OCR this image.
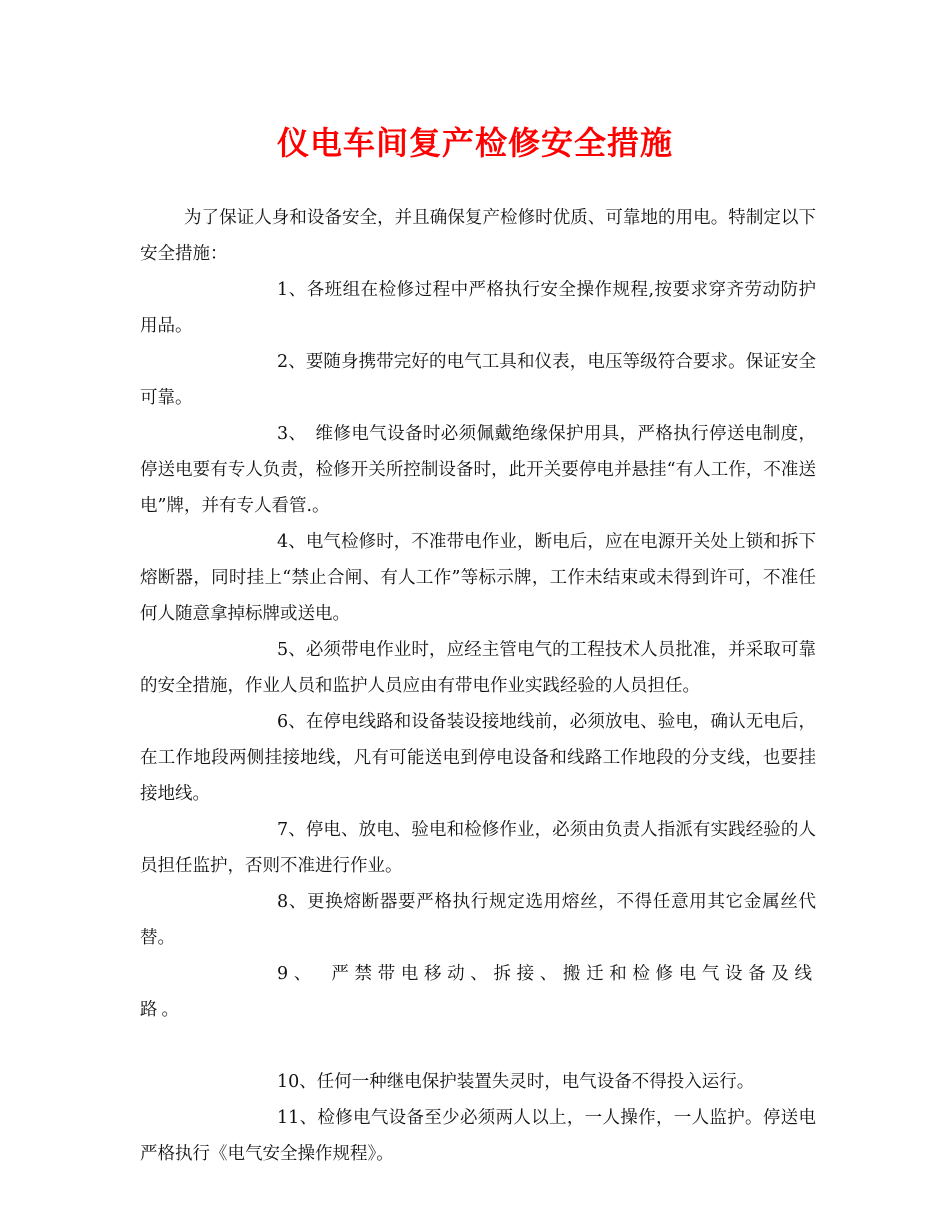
仪电车间复产检修安全措施

为了保证人身和设备安全，并且确保复产检修时优质、可靠地的用电。特制定以下安全措施：

1、各班组在检修过程中严格执行安全操作规程,按要求穿齐劳动防护用品。

2、要随身携带完好的电气工具和仪表，电压等级符合要求。保证安全可靠。

3、　维修电气设备时必须佩戴绝缘保护用具，严格执行停送电制度，停送电要有专人负责，检修开关所控制设备时，此开关要停电并悬挂“有人工作，不准送电”牌，并有专人看管.。

4、电气检修时，不准带电作业，断电后，应在电源开关处上锁和拆下熔断器，同时挂上“禁止合闸、有人工作”等标示牌，工作未结束或未得到许可，不准任何人随意拿掉标牌或送电。

5、必须带电作业时，应经主管电气的工程技术人员批准，并采取可靠的安全措施，作业人员和监护人员应由有带电作业实践经验的人员担任。

6、在停电线路和设备装设接地线前，必须放电、验电，确认无电后，在工作地段两侧挂接地线，凡有可能送电到停电设备和线路工作地段的分支线，也要挂接地线。

7、停电、放电、验电和检修作业，必须由负责人指派有实践经验的人员担任监护，否则不准进行作业。

8、更换熔断器要严格执行规定选用熔丝，不得任意用其它金属丝代替。

9、　严禁带电移动、拆接、搬迁和检修电气设备及线路。

10、任何一种继电保护装置失灵时，电气设备不得投入运行。

11、检修电气设备至少必须两人以上，一人操作，一人监护。停送电严格执行《电气安全操作规程》。
